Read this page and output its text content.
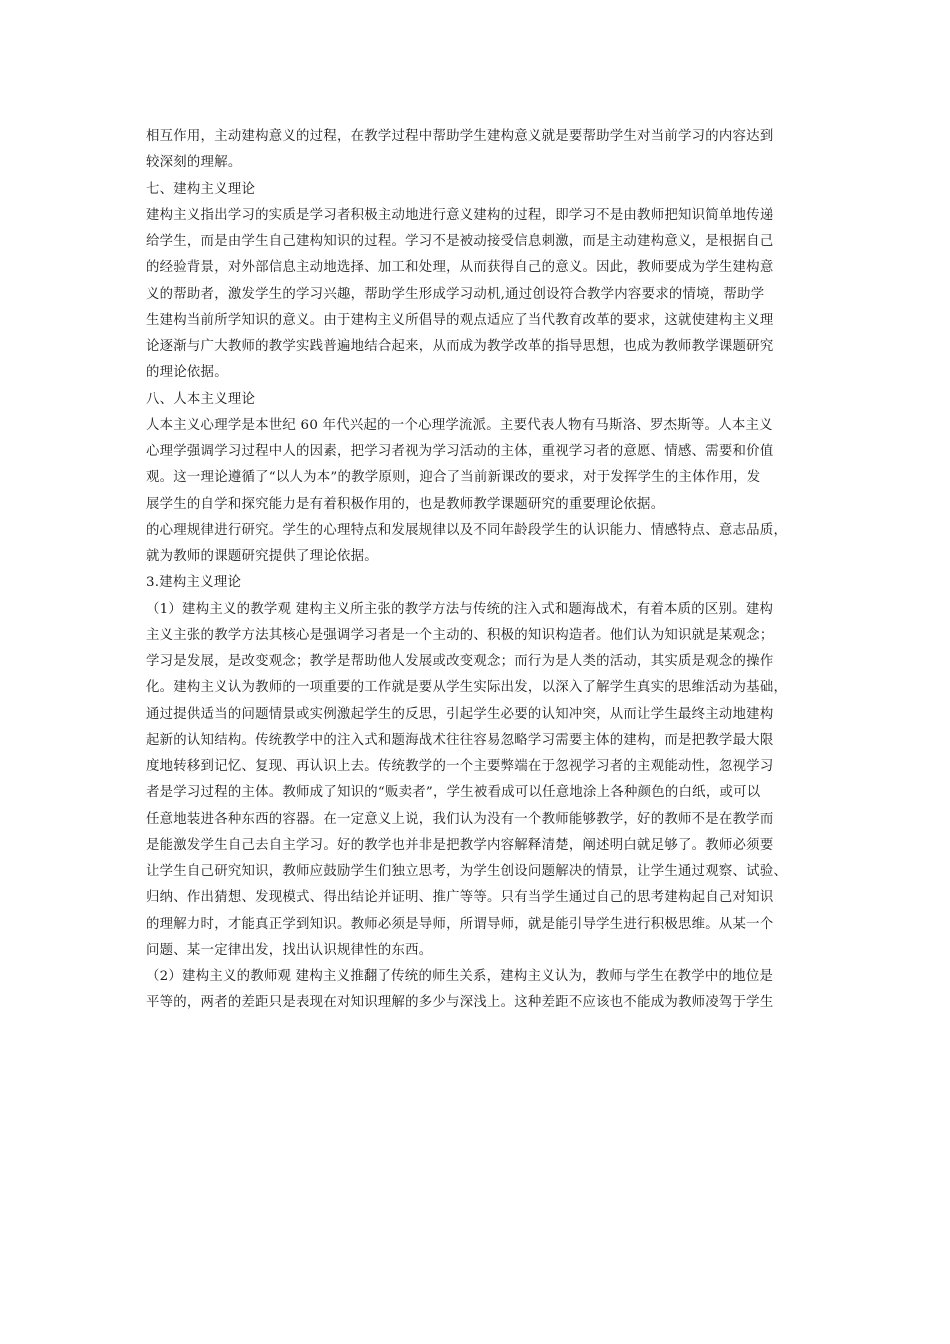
相互作用，主动建构意义的过程，在教学过程中帮助学生建构意义就是要帮助学生对当前学习的内容达到
较深刻的理解。
七、建构主义理论
建构主义指出学习的实质是学习者积极主动地进行意义建构的过程，即学习不是由教师把知识简单地传递
给学生，而是由学生自己建构知识的过程。学习不是被动接受信息刺激，而是主动建构意义，是根据自己
的经验背景，对外部信息主动地选择、加工和处理，从而获得自己的意义。因此，教师要成为学生建构意
义的帮助者，激发学生的学习兴趣，帮助学生形成学习动机,通过创设符合教学内容要求的情境，帮助学
生建构当前所学知识的意义。由于建构主义所倡导的观点适应了当代教育改革的要求，这就使建构主义理
论逐渐与广大教师的教学实践普遍地结合起来，从而成为教学改革的指导思想，也成为教师教学课题研究
的理论依据。
八、人本主义理论
人本主义心理学是本世纪 60 年代兴起的一个心理学流派。主要代表人物有马斯洛、罗杰斯等。人本主义
心理学强调学习过程中人的因素，把学习者视为学习活动的主体，重视学习者的意愿、情感、需要和价值
观。这一理论遵循了“以人为本”的教学原则，迎合了当前新课改的要求，对于发挥学生的主体作用，发
展学生的自学和探究能力是有着积极作用的，也是教师教学课题研究的重要理论依据。
的心理规律进行研究。学生的心理特点和发展规律以及不同年龄段学生的认识能力、情感特点、意志品质，
就为教师的课题研究提供了理论依据。
3.建构主义理论
（1）建构主义的教学观 建构主义所主张的教学方法与传统的注入式和题海战术，有着本质的区别。建构
主义主张的教学方法其核心是强调学习者是一个主动的、积极的知识构造者。他们认为知识就是某观念；
学习是发展，是改变观念；教学是帮助他人发展或改变观念；而行为是人类的活动，其实质是观念的操作
化。建构主义认为教师的一项重要的工作就是要从学生实际出发，以深入了解学生真实的思维活动为基础，
通过提供适当的问题情景或实例激起学生的反思，引起学生必要的认知冲突，从而让学生最终主动地建构
起新的认知结构。传统教学中的注入式和题海战术往往容易忽略学习需要主体的建构，而是把教学最大限
度地转移到记忆、复现、再认识上去。传统教学的一个主要弊端在于忽视学习者的主观能动性，忽视学习
者是学习过程的主体。教师成了知识的“贩卖者”，学生被看成可以任意地涂上各种颜色的白纸，或可以
任意地装进各种东西的容器。在一定意义上说，我们认为没有一个教师能够教学，好的教师不是在教学而
是能激发学生自己去自主学习。好的教学也并非是把教学内容解释清楚，阐述明白就足够了。教师必须要
让学生自己研究知识，教师应鼓励学生们独立思考，为学生创设问题解决的情景，让学生通过观察、试验、
归纳、作出猜想、发现模式、得出结论并证明、推广等等。只有当学生通过自己的思考建构起自己对知识
的理解力时，才能真正学到知识。教师必须是导师，所谓导师，就是能引导学生进行积极思维。从某一个
问题、某一定律出发，找出认识规律性的东西。
（2）建构主义的教师观 建构主义推翻了传统的师生关系，建构主义认为，教师与学生在教学中的地位是
平等的，两者的差距只是表现在对知识理解的多少与深浅上。这种差距不应该也不能成为教师凌驾于学生
